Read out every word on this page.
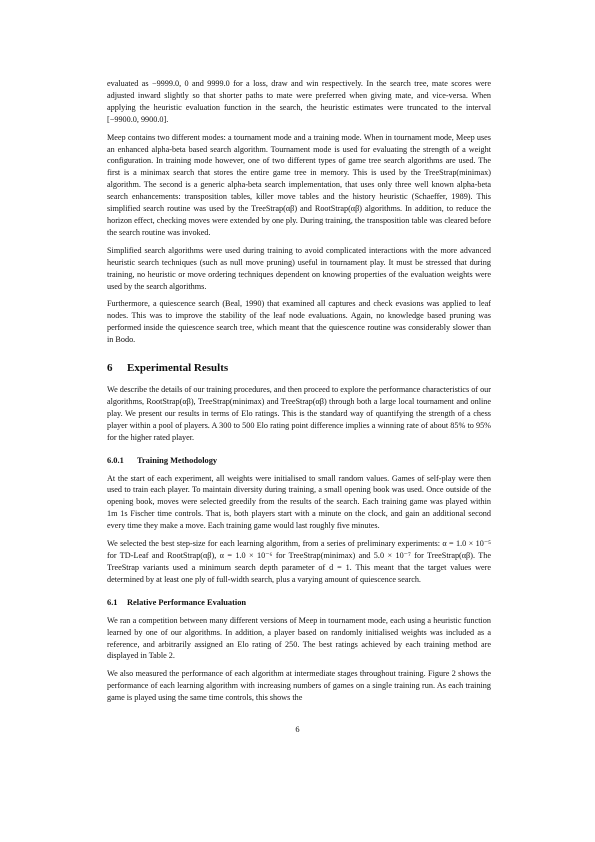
evaluated as −9999.0, 0 and 9999.0 for a loss, draw and win respectively. In the search tree, mate scores were adjusted inward slightly so that shorter paths to mate were preferred when giving mate, and vice-versa. When applying the heuristic evaluation function in the search, the heuristic estimates were truncated to the interval [−9900.0, 9900.0].

Meep contains two different modes: a tournament mode and a training mode. When in tournament mode, Meep uses an enhanced alpha-beta based search algorithm. Tournament mode is used for evaluating the strength of a weight configuration. In training mode however, one of two different types of game tree search algorithms are used. The first is a minimax search that stores the entire game tree in memory. This is used by the TreeStrap(minimax) algorithm. The second is a generic alpha-beta search implementation, that uses only three well known alpha-beta search enhancements: transposition tables, killer move tables and the history heuristic (Schaeffer, 1989). This simplified search routine was used by the TreeStrap(αβ) and RootStrap(αβ) algorithms. In addition, to reduce the horizon effect, checking moves were extended by one ply. During training, the transposition table was cleared before the search routine was invoked.

Simplified search algorithms were used during training to avoid complicated interactions with the more advanced heuristic search techniques (such as null move pruning) useful in tournament play. It must be stressed that during training, no heuristic or move ordering techniques dependent on knowing properties of the evaluation weights were used by the search algorithms.

Furthermore, a quiescence search (Beal, 1990) that examined all captures and check evasions was applied to leaf nodes. This was to improve the stability of the leaf node evaluations. Again, no knowledge based pruning was performed inside the quiescence search tree, which meant that the quiescence routine was considerably slower than in Bodo.

6 Experimental Results

We describe the details of our training procedures, and then proceed to explore the performance characteristics of our algorithms, RootStrap(αβ), TreeStrap(minimax) and TreeStrap(αβ) through both a large local tournament and online play. We present our results in terms of Elo ratings. This is the standard way of quantifying the strength of a chess player within a pool of players. A 300 to 500 Elo rating point difference implies a winning rate of about 85% to 95% for the higher rated player.

6.0.1 Training Methodology

At the start of each experiment, all weights were initialised to small random values. Games of self-play were then used to train each player. To maintain diversity during training, a small opening book was used. Once outside of the opening book, moves were selected greedily from the results of the search. Each training game was played within 1m 1s Fischer time controls. That is, both players start with a minute on the clock, and gain an additional second every time they make a move. Each training game would last roughly five minutes.

We selected the best step-size for each learning algorithm, from a series of preliminary experiments: α = 1.0 × 10⁻⁵ for TD-Leaf and RootStrap(αβ), α = 1.0 × 10⁻⁶ for TreeStrap(minimax) and 5.0 × 10⁻⁷ for TreeStrap(αβ). The TreeStrap variants used a minimum search depth parameter of d = 1. This meant that the target values were determined by at least one ply of full-width search, plus a varying amount of quiescence search.

6.1 Relative Performance Evaluation

We ran a competition between many different versions of Meep in tournament mode, each using a heuristic function learned by one of our algorithms. In addition, a player based on randomly initialised weights was included as a reference, and arbitrarily assigned an Elo rating of 250. The best ratings achieved by each training method are displayed in Table 2.

We also measured the performance of each algorithm at intermediate stages throughout training. Figure 2 shows the performance of each learning algorithm with increasing numbers of games on a single training run. As each training game is played using the same time controls, this shows the

6
